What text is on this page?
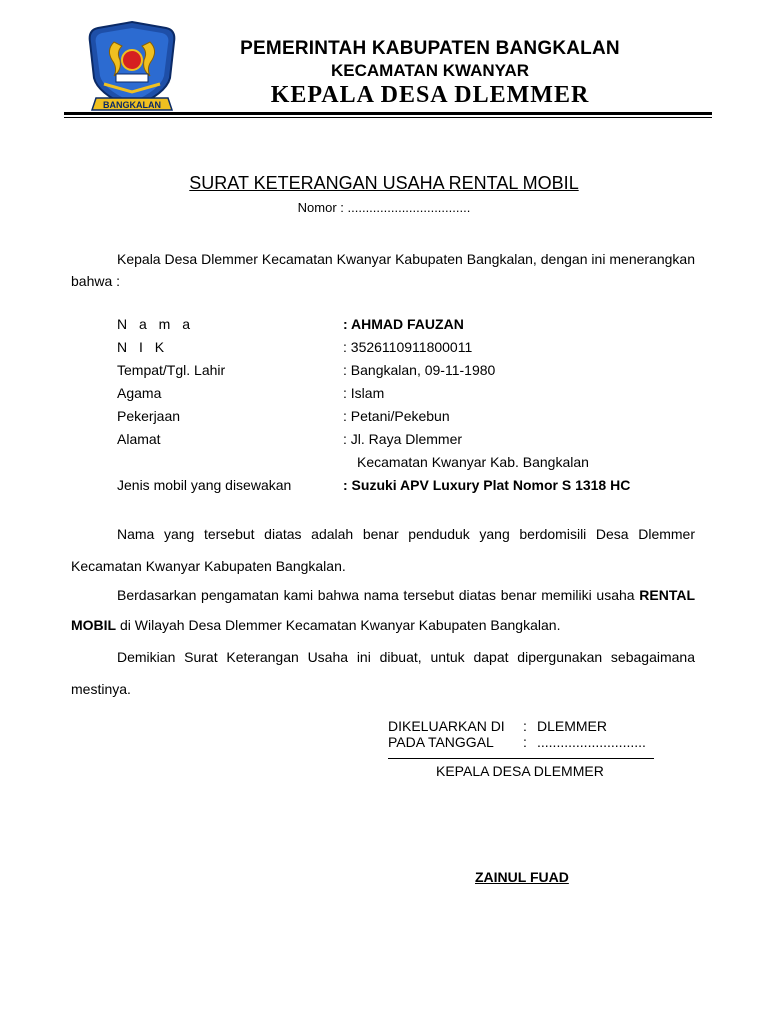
BANGKALAN
PEMERINTAH KABUPATEN BANGKALAN
KECAMATAN KWANYAR
KEPALA DESA DLEMMER
SURAT KETERANGAN USAHA RENTAL MOBIL
Nomor : ..................................
Kepala Desa Dlemmer Kecamatan Kwanyar Kabupaten Bangkalan, dengan ini menerangkan bahwa :
N a m a	: AHMAD FAUZAN
N I K	: 3526110911800011
Tempat/Tgl. Lahir	: Bangkalan, 09-11-1980
Agama	: Islam
Pekerjaan	: Petani/Pekebun
Alamat	: Jl. Raya Dlemmer
Kecamatan Kwanyar Kab. Bangkalan
Jenis mobil yang disewakan	: Suzuki APV Luxury Plat Nomor S 1318 HC
Nama yang tersebut diatas adalah benar penduduk yang berdomisili Desa Dlemmer Kecamatan Kwanyar Kabupaten Bangkalan.
Berdasarkan pengamatan kami bahwa nama tersebut diatas benar memiliki usaha RENTAL MOBIL di Wilayah Desa Dlemmer Kecamatan Kwanyar Kabupaten Bangkalan.
Demikian Surat Keterangan Usaha ini dibuat, untuk dapat dipergunakan sebagaimana mestinya.
DIKELUARKAN DI : DLEMMER
PADA TANGGAL : ............................
KEPALA DESA DLEMMER
ZAINUL FUAD
